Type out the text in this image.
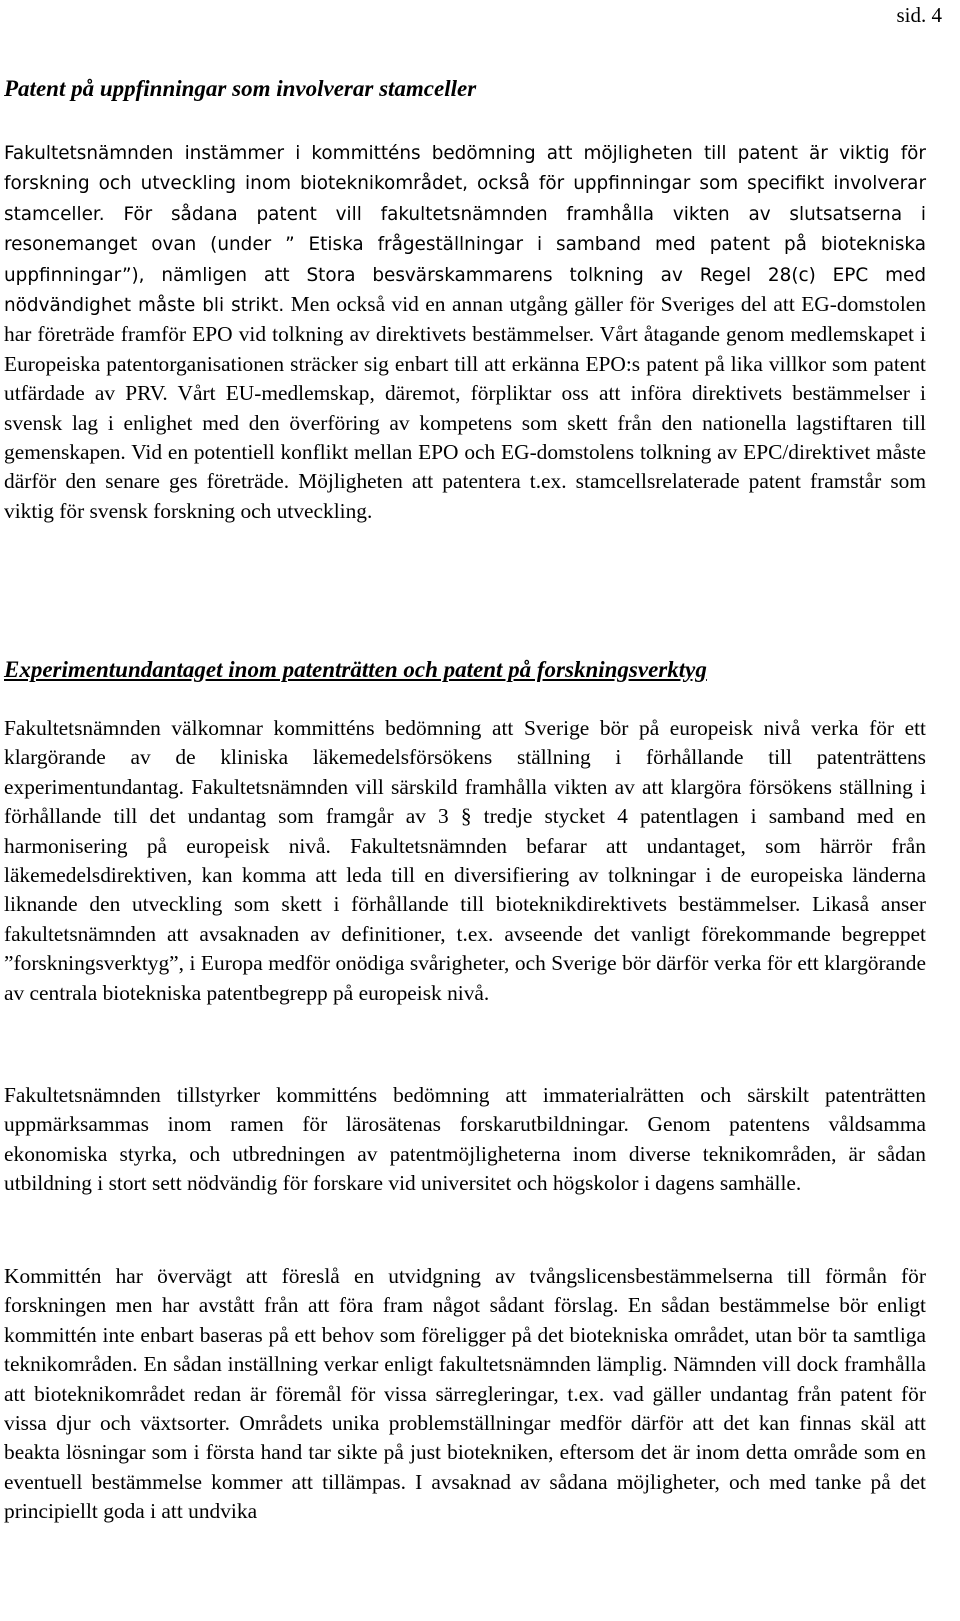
sid. 4
Patent på uppfinningar som involverar stamceller

Fakultetsnämnden instämmer i kommitténs bedömning att möjligheten till patent är viktig för forskning och utveckling inom bioteknikområdet, också för uppfinningar som specifikt involverar stamceller. För sådana patent vill fakultetsnämnden framhålla vikten av slutsatserna i resonemanget ovan (under ” Etiska frågeställningar i samband med patent på biotekniska uppfinningar”), nämligen att Stora besvärskammarens tolkning av Regel 28(c) EPC med nödvändighet måste bli strikt. Men också vid en annan utgång gäller för Sveriges del att EG-domstolen har företräde framför EPO vid tolkning av direktivets bestämmelser. Vårt åtagande genom medlemskapet i Europeiska patentorganisationen sträcker sig enbart till att erkänna EPO:s patent på lika villkor som patent utfärdade av PRV. Vårt EU-medlemskap, däremot, förpliktar oss att införa direktivets bestämmelser i svensk lag i enlighet med den överföring av kompetens som skett från den nationella lagstiftaren till gemenskapen. Vid en potentiell konflikt mellan EPO och EG-domstolens tolkning av EPC/direktivet måste därför den senare ges företräde. Möjligheten att patentera t.ex. stamcellsrelaterade patent framstår som viktig för svensk forskning och utveckling.

Experimentundantaget inom patenträtten och patent på forskningsverktyg

Fakultetsnämnden välkomnar kommitténs bedömning att Sverige bör på europeisk nivå verka för ett klargörande av de kliniska läkemedelsförsökens ställning i förhållande till patenträttens experimentundantag. Fakultetsnämnden vill särskild framhålla vikten av att klargöra försökens ställning i förhållande till det undantag som framgår av 3 § tredje stycket 4 patentlagen i samband med en harmonisering på europeisk nivå. Fakultetsnämnden befarar att undantaget, som härrör från läkemedelsdirektiven, kan komma att leda till en diversifiering av tolkningar i de europeiska länderna liknande den utveckling som skett i förhållande till bioteknikdirektivets bestämmelser. Likaså anser fakultetsnämnden att avsaknaden av definitioner, t.ex. avseende det vanligt förekommande begreppet ”forskningsverktyg”, i Europa medför onödiga svårigheter, och Sverige bör därför verka för ett klargörande av centrala biotekniska patentbegrepp på europeisk nivå.

Fakultetsnämnden tillstyrker kommitténs bedömning att immaterialrätten och särskilt patenträtten uppmärksammas inom ramen för lärosätenas forskarutbildningar. Genom patentens våldsamma ekonomiska styrka, och utbredningen av patentmöjligheterna inom diverse teknikområden, är sådan utbildning i stort sett nödvändig för forskare vid universitet och högskolor i dagens samhälle.

Kommittén har övervägt att föreslå en utvidgning av tvångslicensbestämmelserna till förmån för forskningen men har avstått från att föra fram något sådant förslag. En sådan bestämmelse bör enligt kommittén inte enbart baseras på ett behov som föreligger på det biotekniska området, utan bör ta samtliga teknikområden. En sådan inställning verkar enligt fakultetsnämnden lämplig. Nämnden vill dock framhålla att bioteknikområdet redan är föremål för vissa särregleringar, t.ex. vad gäller undantag från patent för vissa djur och växtsorter. Områdets unika problemställningar medför därför att det kan finnas skäl att beakta lösningar som i första hand tar sikte på just biotekniken, eftersom det är inom detta område som en eventuell bestämmelse kommer att tillämpas. I avsaknad av sådana möjligheter, och med tanke på det principiellt goda i att undvika
